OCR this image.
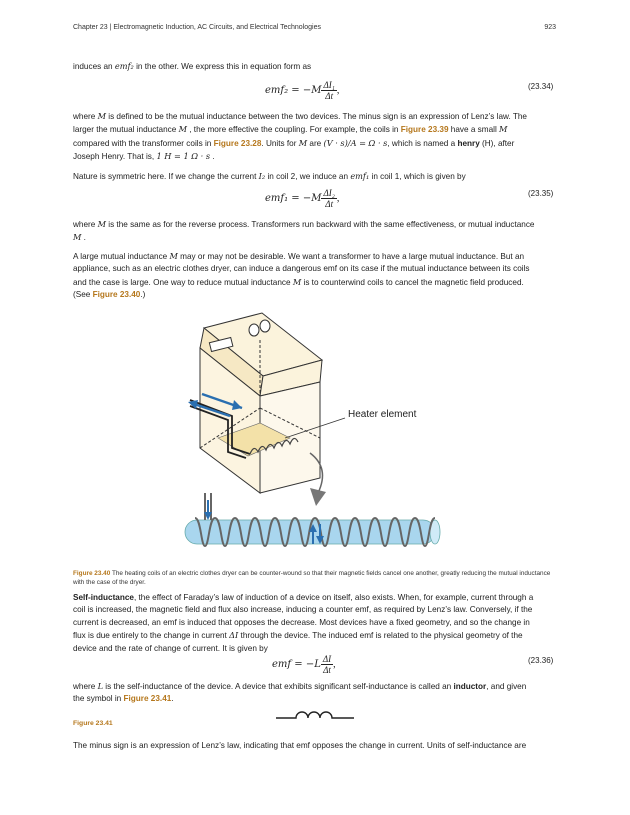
Chapter 23 | Electromagnetic Induction, AC Circuits, and Electrical Technologies	923
induces an emf₂ in the other. We express this in equation form as
$emf_2 = -M \frac{\text{ΔI₁}}{\Delta t}$ ,	(23.34)
where M is defined to be the mutual inductance between the two devices. The minus sign is an expression of Lenz’s law. The
larger the mutual inductance M , the more effective the coupling. For example, the coils in Figure 23.39 have a small M
compared with the transformer coils in Figure 23.28. Units for M are (V · s)/A = Ω · s, which is named a henry (H), after
Joseph Henry. That is, 1 H = 1 Ω · s .
Nature is symmetric here. If we change the current I₂ in coil 2, we induce an emf₁ in coil 1, which is given by
$emf_1 = -M \frac{\text{ΔI₂}}{\Delta t}$ ,	(23.35)
where M is the same as for the reverse process. Transformers run backward with the same effectiveness, or mutual inductance
M .
A large mutual inductance M may or may not be desirable. We want a transformer to have a large mutual inductance. But an
appliance, such as an electric clothes dryer, can induce a dangerous emf on its case if the mutual inductance between its coils
and the case is large. One way to reduce mutual inductance M is to counterwind coils to cancel the magnetic field produced.
(See Figure 23.40.)
Heater element
Figure 23.40 The heating coils of an electric clothes dryer can be counter-wound so that their magnetic fields cancel one another, greatly reducing the mutual inductance with the case of the dryer.
Self-inductance, the effect of Faraday’s law of induction of a device on itself, also exists. When, for example, current through a
coil is increased, the magnetic field and flux also increase, inducing a counter emf, as required by Lenz’s law. Conversely, if the
current is decreased, an emf is induced that opposes the decrease. Most devices have a fixed geometry, and so the change in
flux is due entirely to the change in current ΔI through the device. The induced emf is related to the physical geometry of the
device and the rate of change of current. It is given by
emf = $-L \frac{\Delta I}{\Delta t}$ ,	(23.36)
where L is the self-inductance of the device. A device that exhibits significant self-inductance is called an inductor, and given
the symbol in Figure 23.41.
Figure 23.41
The minus sign is an expression of Lenz’s law, indicating that emf opposes the change in current. Units of self-inductance are
